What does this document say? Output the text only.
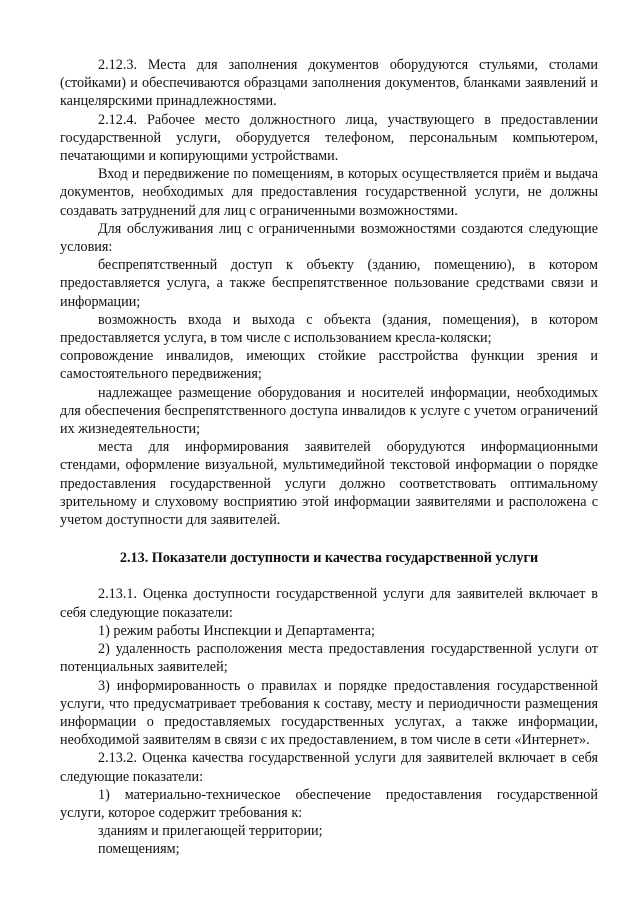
2.12.3. Места для заполнения документов оборудуются стульями, столами (стойками) и обеспечиваются образцами заполнения документов, бланками заявлений и канцелярскими принадлежностями.

2.12.4. Рабочее место должностного лица, участвующего в предоставлении государственной услуги, оборудуется телефоном, персональным компьютером, печатающими и копирующими устройствами.

Вход и передвижение по помещениям, в которых осуществляется приём и выдача документов, необходимых для предоставления государственной услуги, не должны создавать затруднений для лиц с ограниченными возможностями.

Для обслуживания лиц с ограниченными возможностями создаются следующие условия:

беспрепятственный доступ к объекту (зданию, помещению), в котором предоставляется услуга, а также беспрепятственное пользование средствами связи и информации;

возможность входа и выхода с объекта (здания, помещения), в котором предоставляется услуга, в том числе с использованием кресла-коляски;

сопровождение инвалидов, имеющих стойкие расстройства функции зрения и самостоятельного передвижения;

надлежащее размещение оборудования и носителей информации, необходимых для обеспечения беспрепятственного доступа инвалидов к услуге с учетом ограничений их жизнедеятельности;

места для информирования заявителей оборудуются информационными стендами, оформление визуальной, мультимедийной текстовой информации о порядке предоставления государственной услуги должно соответствовать оптимальному зрительному и слуховому восприятию этой информации заявителями и расположена с учетом доступности для заявителей.

2.13. Показатели доступности и качества государственной услуги

2.13.1. Оценка доступности государственной услуги для заявителей включает в себя следующие показатели:

1) режим работы Инспекции и Департамента;

2) удаленность расположения места предоставления государственной услуги от потенциальных заявителей;

3) информированность о правилах и порядке предоставления государственной услуги, что предусматривает требования к составу, месту и периодичности размещения информации о предоставляемых государственных услугах, а также информации, необходимой заявителям в связи с их предоставлением, в том числе в сети «Интернет».

2.13.2. Оценка качества государственной услуги для заявителей включает в себя следующие показатели:

1) материально-техническое обеспечение предоставления государственной услуги, которое содержит требования к:

зданиям и прилегающей территории;

помещениям;
